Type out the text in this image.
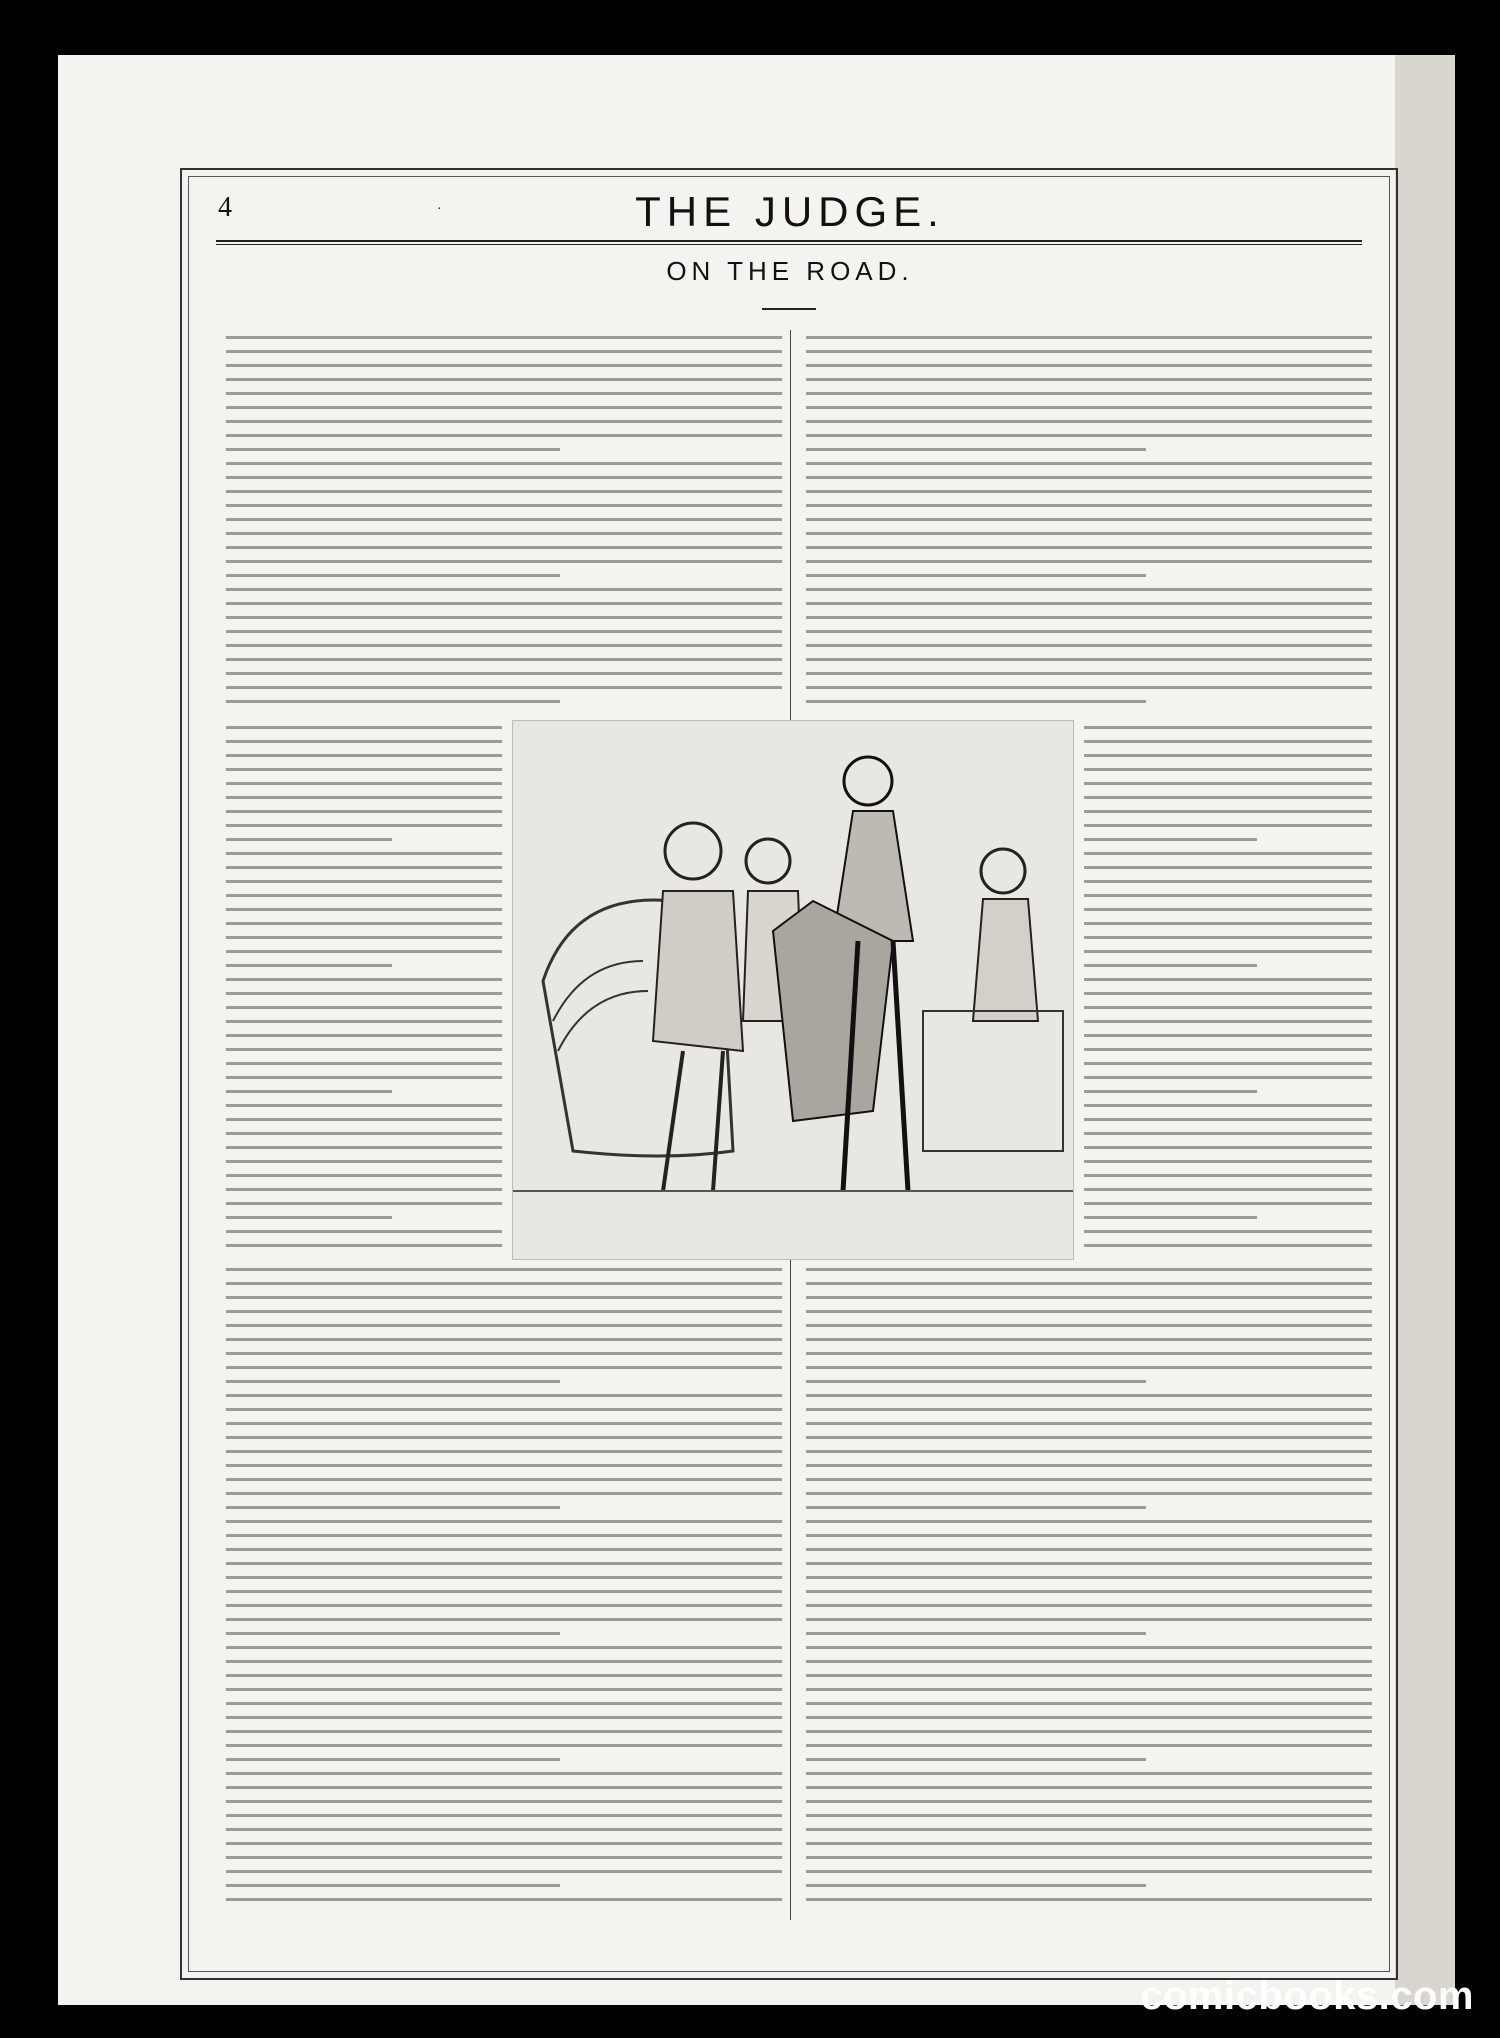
4	·	THE JUDGE.
ON THE ROAD.
comicbooks.com
